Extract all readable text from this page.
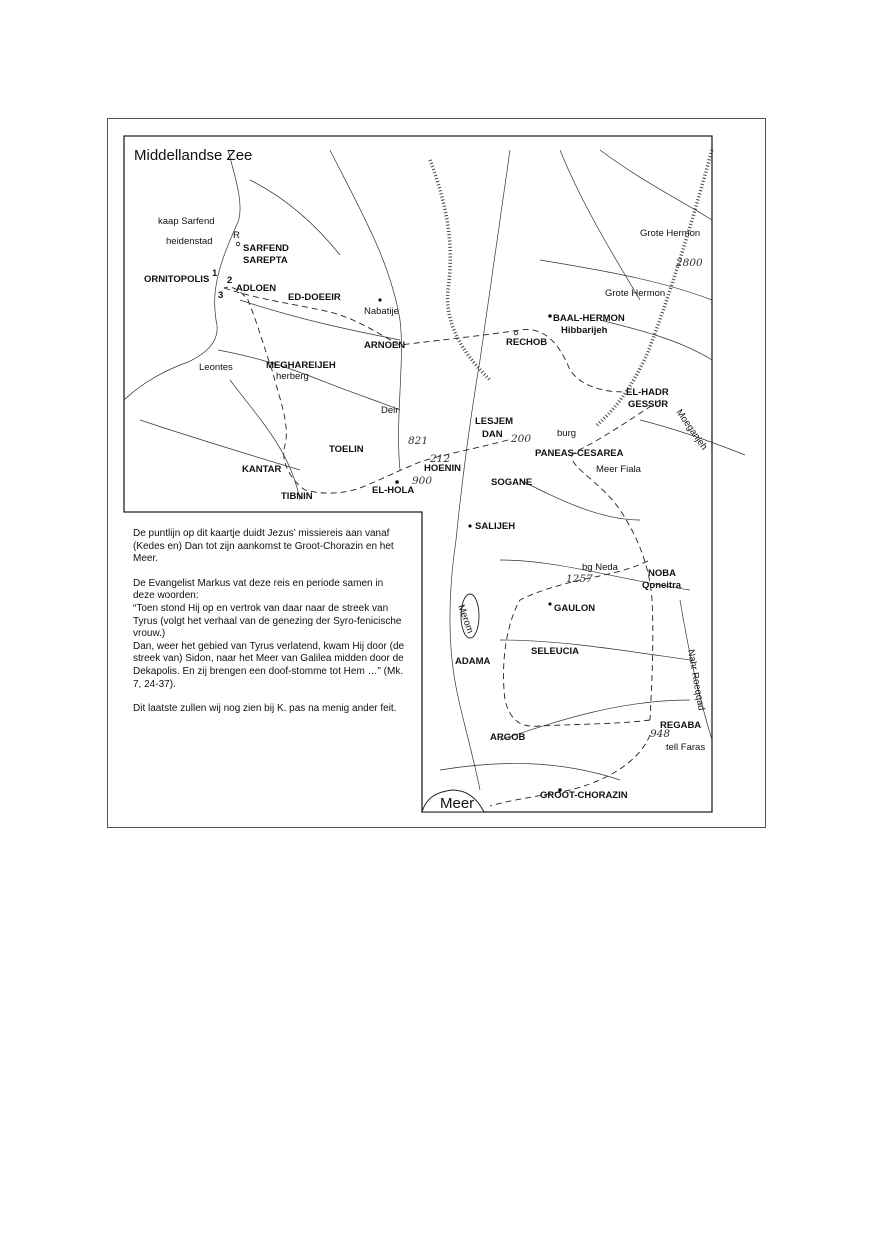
2800
821
212
900
200
1257
948
Middellandse Zee
Meer
kaap Sarfend
R
heidenstad
SARFEND
SAREPTA
ORNITOPOLIS
1
2
3
ADLOEN
ED-DOEEIR
Nabatije
ARNOEN
Leontes	MEGHAREIJEH
herberg
Deir
TOELIN
KANTAR
TIBNIN
EL-HOLA
HOENIN
LESJEM
DAN
RECHOB
BAAL-HERMON
Hibbarijeh
Grote Hermon
Grote Hermon
EL-HADR
GESSUR
Moeganjeh
burg
PANEAS-CESAREA
Meer Fiala
SOGANE
SALIJEH
bg Neda
NOBA
Qoneitra
GAULON
Merom
ADAMA
SELEUCIA	Nahr Roeqqad
REGABA
tell Faras
ARGOB
GROOT-CHORAZIN

De puntlijn op dit kaartje duidt Jezus’ missiereis aan vanaf (Kedes en) Dan tot zijn aankomst te Groot-Chorazin en het Meer.

De Evangelist Markus vat deze reis en periode samen in deze woorden:
“Toen stond Hij op en vertrok van daar naar de streek van Tyrus (volgt het verhaal van de genezing der Syro-fenicische vrouw.)
Dan, weer het gebied van Tyrus verlatend, kwam Hij door (de streek van) Sidon, naar het Meer van Galilea midden door de Dekapolis. En zij brengen een doof-stomme tot Hem …” (Mk. 7, 24-37).

Dit laatste zullen wij nog zien bij K. pas na menig ander feit.
